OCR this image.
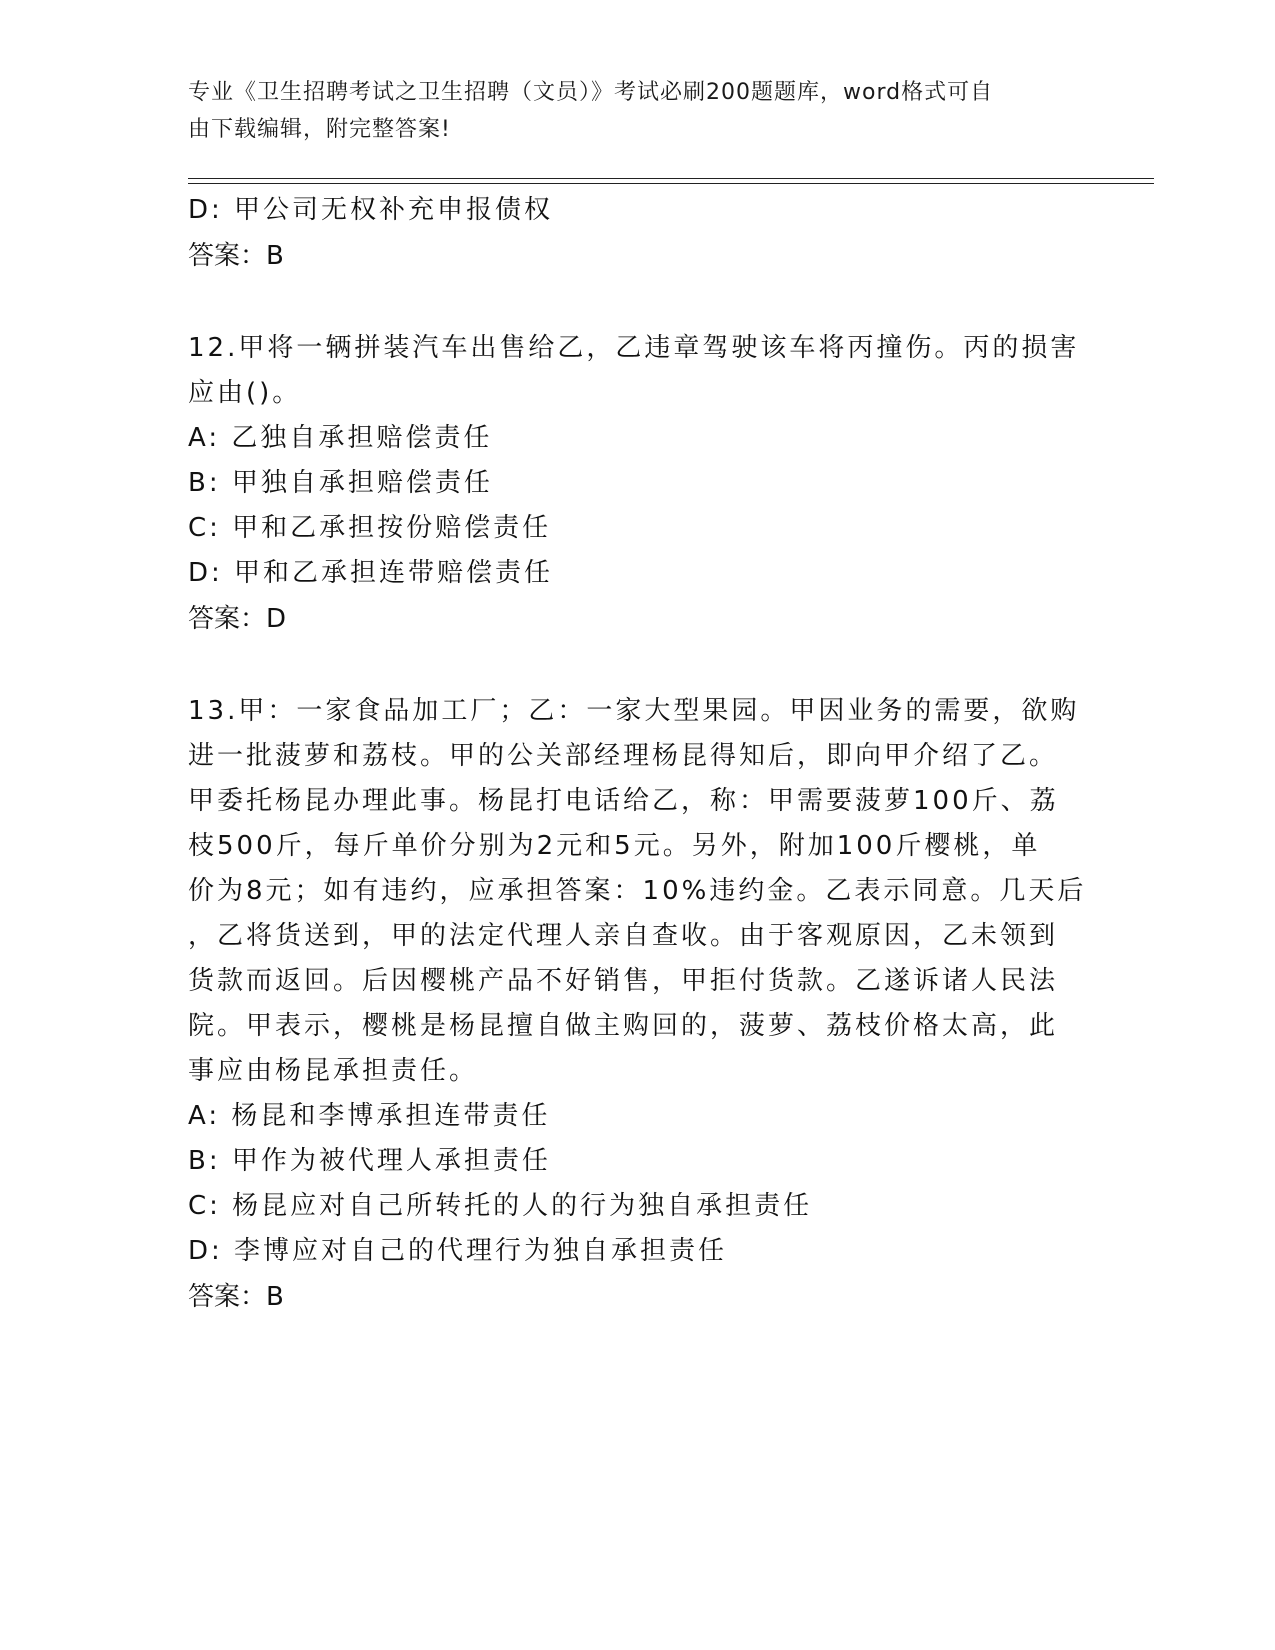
专业《卫生招聘考试之卫生招聘（文员）》考试必刷200题题库，word格式可自
由下载编辑，附完整答案!
D: 甲公司无权补充申报债权
答案：B
12.甲将一辆拼装汽车出售给乙，乙违章驾驶该车将丙撞伤。丙的损害
应由()。
A: 乙独自承担赔偿责任
B: 甲独自承担赔偿责任
C: 甲和乙承担按份赔偿责任
D: 甲和乙承担连带赔偿责任
答案：D
13.甲：一家食品加工厂；乙：一家大型果园。甲因业务的需要，欲购
进一批菠萝和荔枝。甲的公关部经理杨昆得知后，即向甲介绍了乙。
甲委托杨昆办理此事。杨昆打电话给乙，称：甲需要菠萝100斤、荔
枝500斤，每斤单价分别为2元和5元。另外，附加100斤樱桃，单
价为8元；如有违约，应承担答案：10%违约金。乙表示同意。几天后
，乙将货送到，甲的法定代理人亲自查收。由于客观原因，乙未领到
货款而返回。后因樱桃产品不好销售，甲拒付货款。乙遂诉诸人民法
院。甲表示，樱桃是杨昆擅自做主购回的，菠萝、荔枝价格太高，此
事应由杨昆承担责任。
A: 杨昆和李博承担连带责任
B: 甲作为被代理人承担责任
C: 杨昆应对自己所转托的人的行为独自承担责任
D: 李博应对自己的代理行为独自承担责任
答案：B
